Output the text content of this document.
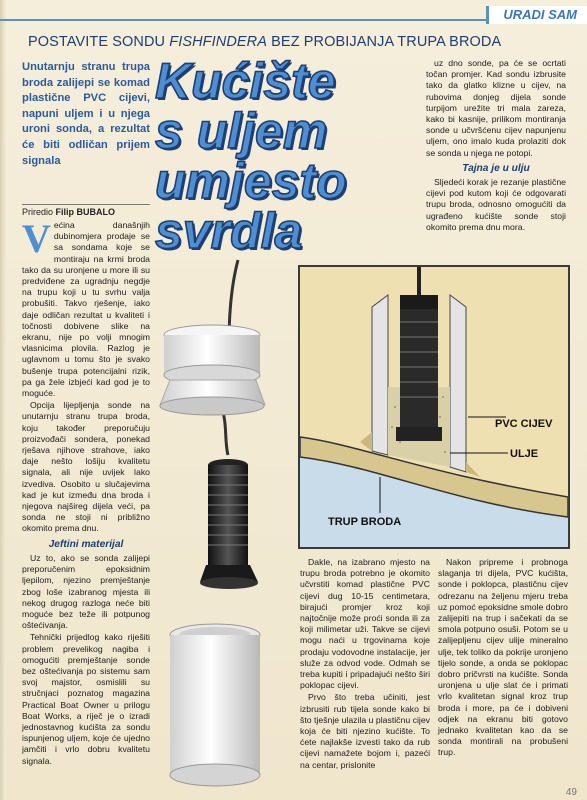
URADI SAM
POSTAVITE SONDU FISHFINDERA BEZ PROBIJANJA TRUPA BRODA
Unutarnju stranu trupa broda zalijepi se komad plastične PVC cijevi, napuni uljem i u njega uroni sonda, a rezultat će biti odličan prijem signala
Kućište
s uljem
umjesto
svrdla
Priredio Filip BUBALO

Većina današnjih dubinomjera prodaje se sa sondama koje se montiraju na krmi broda tako da su uronjene u more ili su predviđene za ugradnju negdje na trupu koji u tu svrhu valja probušiti. Takvo rješenje, iako daje odličan rezultat u kvaliteti i točnosti dobivene slike na ekranu, nije po volji mnogim vlasnicima plovila. Razlog je uglavnom u tomu što je svako bušenje trupa potencijalni rizik, pa ga žele izbjeći kad god je to moguće.

Opcija lijepljenja sonde na unutarnju stranu trupa broda, koju također preporučuju proizvođači sondera, ponekad rješava njihove strahove, iako daje nešto lošiju kvalitetu signala, ali nije uvijek lako izvediva. Osobito u slučajevima kad je kut između dna broda i njegova najšireg dijela veći, pa sonda ne stoji ni približno okomito prema dnu.

Jeftini materijal

Uz to, ako se sonda zalijepi preporučenim epoksidnim ljepilom, njezino premještanje zbog loše izabranog mjesta ili nekog drugog razloga neće biti moguće bez teže ili potpunog oštećivanja.

Tehnički prijedlog kako riješiti problem prevelikog nagiba i omogućiti premještanje sonde bez oštećivanja po sistemu sam svoj majstor, osmislili su stručnjaci poznatog magazina Practical Boat Owner u prilogu Boat Works, a riječ je o izradi jednostavnog kućišta za sondu ispunjenog uljem, koje će ujedno jamčiti i vrlo dobru kvalitetu signala.

uz dno sonde, pa će se ocrtati točan promjer. Kad sondu izbrusite tako da glatko klizne u cijev, na rubovima donjeg dijela sonde turpijom urežite tri mala zareza, kako bi kasnije, prilikom montiranja sonde u učvršćenu cijev napunjenu uljem, ono imalo kuda prolaziti dok se sonda u njega ne potopi.

Tajna je u ulju

Sljedeći korak je rezanje plastične cijevi pod kutom koji će odgovarati trupu broda, odnosno omogućiti da ugrađeno kućište sonde stoji okomito prema dnu mora.

PVC CIJEV
ULJE
TRUP BRODA

Dakle, na izabrano mjesto na trupu broda potrebno je okomito učvrstiti komad plastične PVC cijevi dug 10-15 centimetara, birajući promjer kroz koji najtočnije može proći sonda ili za koji milimetar uži. Takve se cijevi mogu naći u trgovinama koje prodaju vodovodne instalacije, jer služe za odvod vode. Odmah se treba kupiti i pripadajući nešto širi poklopac cijevi.

Prvo što treba učiniti, jest izbrusiti rub tijela sonde kako bi što tješnje ulazila u plastičnu cijev koja će biti njezino kućište. To ćete najlakše izvesti tako da rub cijevi namažete bojom i, pazeći na centar, prislonite

Nakon pripreme i probnoga slaganja tri dijela, PVC kućišta, sonde i poklopca, plastičnu cijev odrezanu na željenu mjeru treba uz pomoć epoksidne smole dobro zalijepiti na trup i sačekati da se smola potpuno osuši. Potom se u zalijepljenu cijev ulije mineralno ulje, tek toliko da pokrije uronjeno tijelo sonde, a onda se poklopac dobro pričvrsti na kućište. Sonda uronjena u ulje slat će i primati vrlo kvalitetan signal kroz trup broda i more, pa će i dobiveni odjek na ekranu biti gotovo jednako kvalitetan kao da se sonda montirali na probušeni trup.

49
